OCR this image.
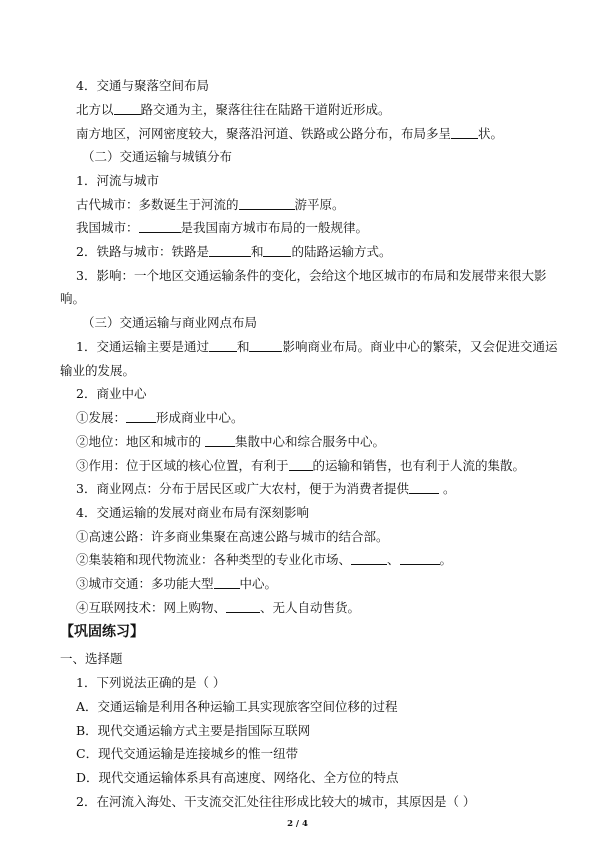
4．交通与聚落空间布局
北方以 路交通为主，聚落往往在陆路干道附近形成。
南方地区，河网密度较大，聚落沿河道、铁路或公路分布，布局多呈 状。
（二）交通运输与城镇分布
1．河流与城市
古代城市：多数诞生于河流的	游平原。
我国城市：	是我国南方城市布局的一般规律。
2．铁路与城市：铁路是	和 的陆路运输方式。
3．影响：一个地区交通运输条件的变化，会给这个地区城市的布局和发展带来很大影
响。
（三）交通运输与商业网点布局
1．交通运输主要是通过 和	影响商业布局。商业中心的繁荣，又会促进交通运
输业的发展。
2．商业中心
①发展： 形成商业中心。
②地位：地区和城市的 集散中心和综合服务中心。
③作用：位于区域的核心位置，有利于 的运输和销售，也有利于人流的集散。
3．商业网点：分布于居民区或广大农村，便于为消费者提供 。
4．交通运输的发展对商业布局有深刻影响
①高速公路：许多商业集聚在高速公路与城市的结合部。
②集装箱和现代物流业：各种类型的专业化市场、	、	。
③城市交通：多功能大型 中心。
④互联网技术：网上购物、	、无人自动售货。
【巩固练习】
一、选择题
1．下列说法正确的是（ ）
A．交通运输是利用各种运输工具实现旅客空间位移的过程
B．现代交通运输方式主要是指国际互联网
C．现代交通运输是连接城乡的惟一纽带
D．现代交通运输体系具有高速度、网络化、全方位的特点
2．在河流入海处、干支流交汇处往往形成比较大的城市，其原因是（ ）
2 / 4
